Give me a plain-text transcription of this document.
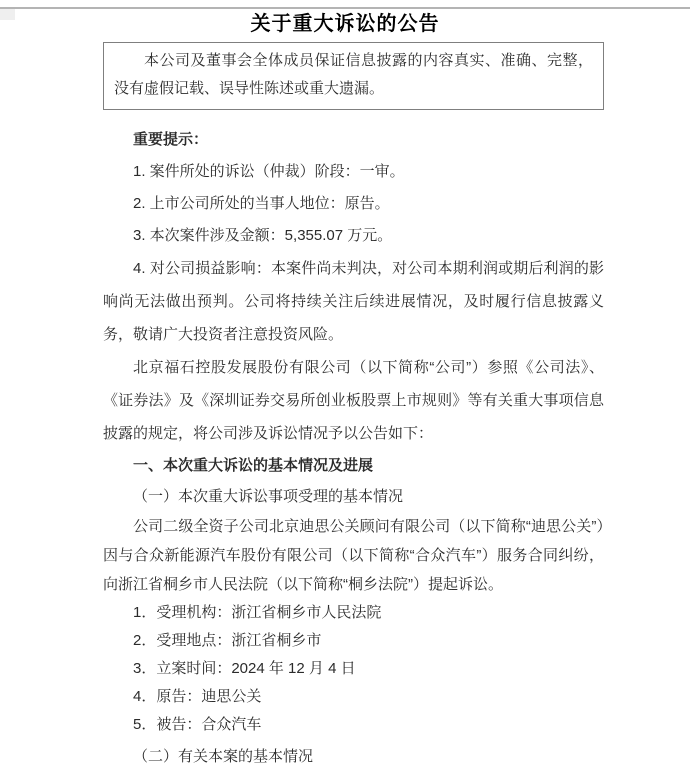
关于重大诉讼的公告

本公司及董事会全体成员保证信息披露的内容真实、准确、完整，没有虚假记载、误导性陈述或重大遗漏。

重要提示：

1. 案件所处的诉讼（仲裁）阶段：一审。

2. 上市公司所处的当事人地位：原告。

3. 本次案件涉及金额：5,355.07 万元。

4. 对公司损益影响：本案件尚未判决，对公司本期利润或期后利润的影响尚无法做出预判。公司将持续关注后续进展情况，及时履行信息披露义务，敬请广大投资者注意投资风险。

北京福石控股发展股份有限公司（以下简称“公司”）参照《公司法》、《证券法》及《深圳证券交易所创业板股票上市规则》等有关重大事项信息披露的规定，将公司涉及诉讼情况予以公告如下：

一、本次重大诉讼的基本情况及进展

（一）本次重大诉讼事项受理的基本情况

公司二级全资子公司北京迪思公关顾问有限公司（以下简称“迪思公关”）因与合众新能源汽车股份有限公司（以下简称“合众汽车”）服务合同纠纷，向浙江省桐乡市人民法院（以下简称“桐乡法院”）提起诉讼。

1．受理机构：浙江省桐乡市人民法院

2．受理地点：浙江省桐乡市

3．立案时间：2024 年 12 月 4 日

4．原告：迪思公关

5．被告：合众汽车

（二）有关本案的基本情况
